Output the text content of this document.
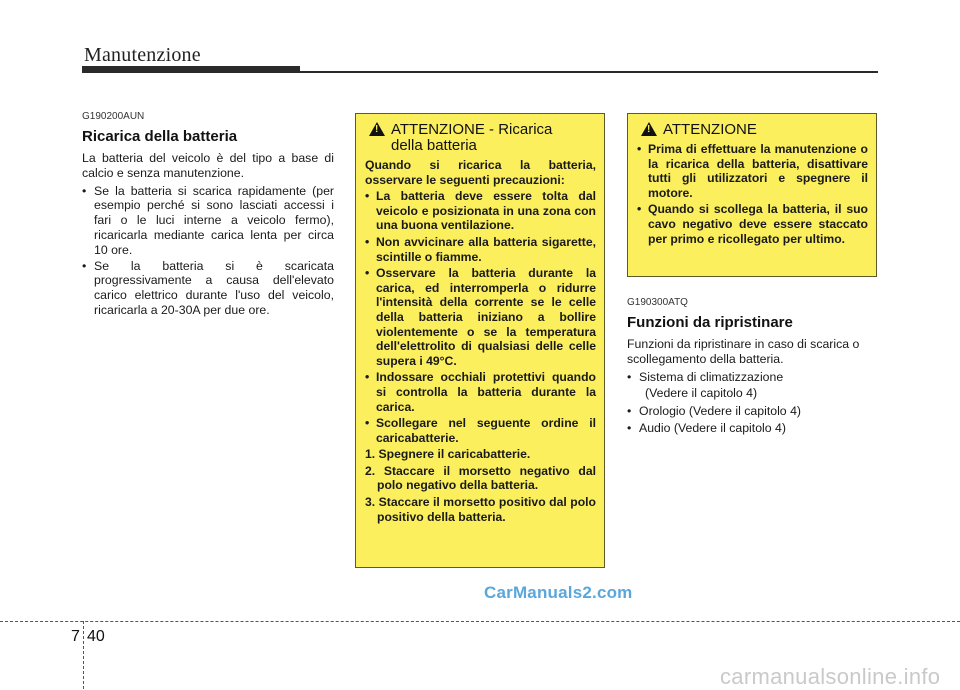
Manutenzione
G190200AUN
Ricarica della batteria

La batteria del veicolo è del tipo a base di calcio e senza manutenzione.

• Se la batteria si scarica rapidamente (per esempio perché si sono lasciati accessi i fari o le luci interne a veicolo fermo), ricaricarla mediante carica lenta per circa 10 ore.
• Se la batteria si è scaricata progressivamente a causa dell'elevato carico elettrico durante l'uso del veicolo, ricaricarla a 20-30A per due ore.
!
ATTENZIONE - Ricarica
della batteria

Quando si ricarica la batteria, osservare le seguenti precauzioni:

• La batteria deve essere tolta dal veicolo e posizionata in una zona con una buona ventilazione.
• Non avvicinare alla batteria sigarette, scintille o fiamme.
• Osservare la batteria durante la carica, ed interromperla o ridurre l'intensità della corrente se le celle della batteria iniziano a bollire violentemente o se la temperatura dell'elettrolito di qualsiasi delle celle supera i 49°C.
• Indossare occhiali protettivi quando si controlla la batteria durante la carica.
• Scollegare nel seguente ordine il caricabatterie.
1. Spegnere il caricabatterie.
2. Staccare il morsetto negativo dal polo negativo della batteria.
3. Staccare il morsetto positivo dal polo positivo della batteria.
!
ATTENZIONE
• Prima di effettuare la manutenzione o la ricarica della batteria, disattivare tutti gli utilizzatori e spegnere il motore.
• Quando si scollega la batteria, il suo cavo negativo deve essere staccato per primo e ricollegato per ultimo.
G190300ATQ
Funzioni da ripristinare

Funzioni da ripristinare in caso di scarica o scollegamento della batteria.

• Sistema di climatizzazione
(Vedere il capitolo 4)
• Orologio (Vedere il capitolo 4)
• Audio (Vedere il capitolo 4)
CarManuals2.com
7 40
carmanualsonline.info
